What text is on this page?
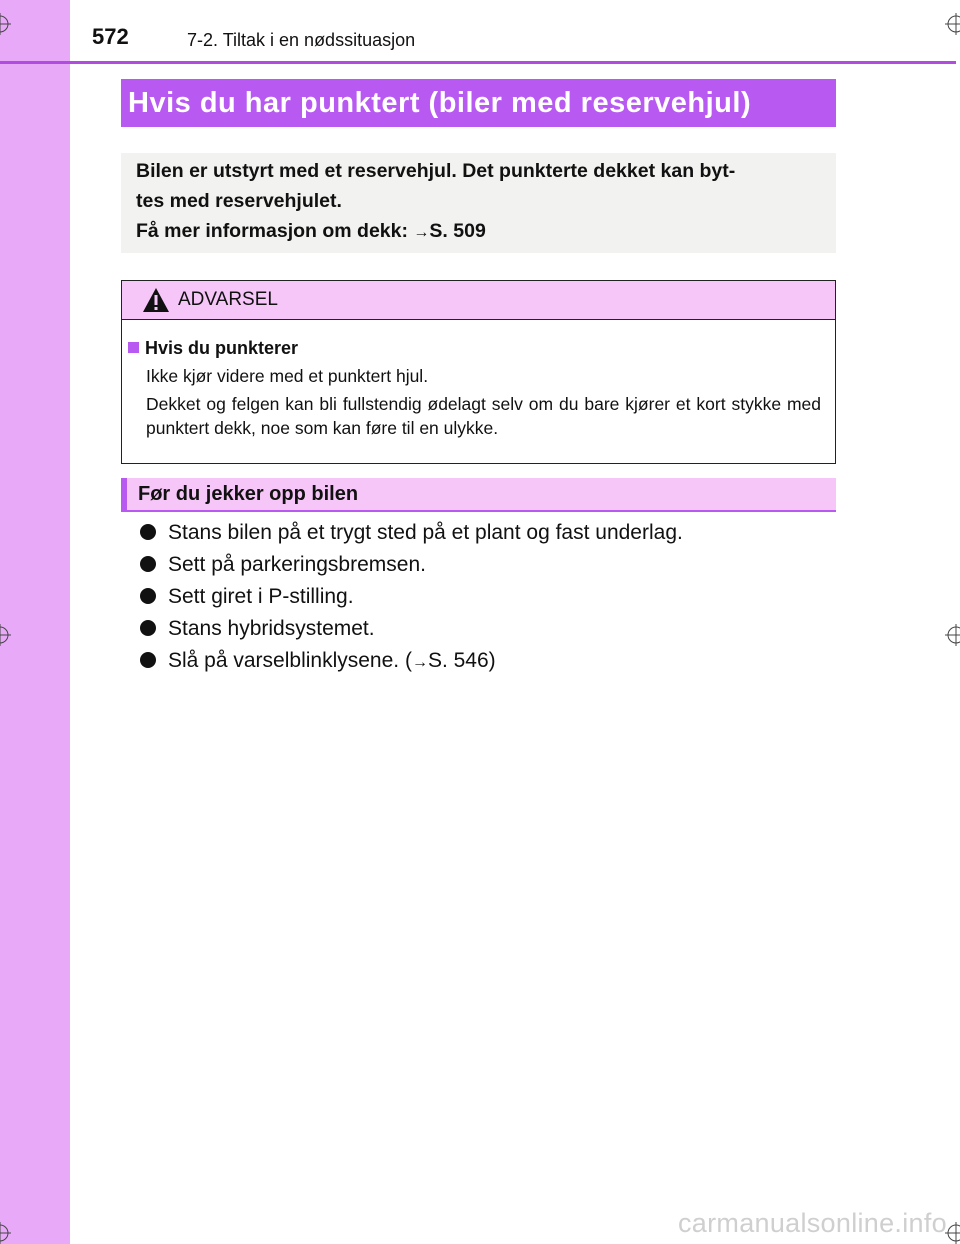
572	7-2. Tiltak i en nødssituasjon
Hvis du har punktert (biler med reservehjul)

Bilen er utstyrt med et reservehjul. Det punkterte dekket kan byt-

tes med reservehjulet.

Få mer informasjon om dekk: →S. 509

ADVARSEL
Hvis du punkterer

Ikke kjør videre med et punktert hjul.

Dekket og felgen kan bli fullstendig ødelagt selv om du bare kjører et kort stykke med punktert dekk, noe som kan føre til en ulykke.

Før du jekker opp bilen
Stans bilen på et trygt sted på et plant og fast underlag.
Sett på parkeringsbremsen.
Sett giret i P-stilling.
Stans hybridsystemet.
Slå på varselblinklysene. (→S. 546)
carmanualsonline.info
